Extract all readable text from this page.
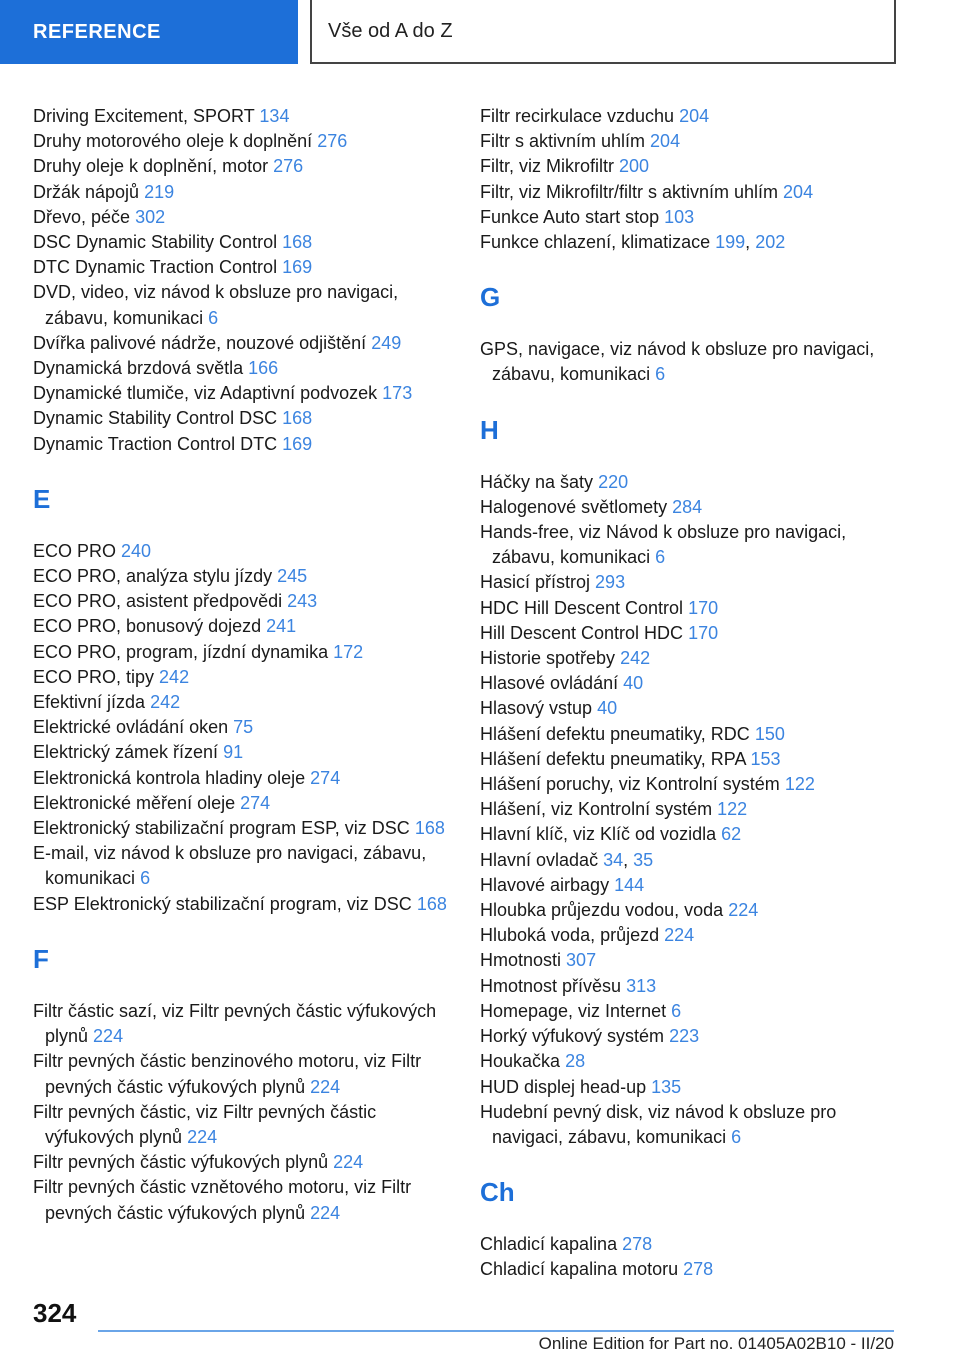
REFERENCE	Vše od A do Z
Driving Excitement, SPORT 134
Druhy motorového oleje k doplnění 276
Druhy oleje k doplnění, motor 276
Držák nápojů 219
Dřevo, péče 302
DSC Dynamic Stability Control 168
DTC Dynamic Traction Control 169
DVD, video, viz návod k obsluze pro navigaci, zábavu, komunikaci 6
Dvířka palivové nádrže, nouzové odjištění 249
Dynamická brzdová světla 166
Dynamické tlumiče, viz Adaptivní podvozek 173
Dynamic Stability Control DSC 168
Dynamic Traction Control DTC 169
E
ECO PRO 240
ECO PRO, analýza stylu jízdy 245
ECO PRO, asistent předpovědi 243
ECO PRO, bonusový dojezd 241
ECO PRO, program, jízdní dynamika 172
ECO PRO, tipy 242
Efektivní jízda 242
Elektrické ovládání oken 75
Elektrický zámek řízení 91
Elektronická kontrola hladiny oleje 274
Elektronické měření oleje 274
Elektronický stabilizační program ESP, viz DSC 168
E-mail, viz návod k obsluze pro navigaci, zábavu, komunikaci 6
ESP Elektronický stabilizační program, viz DSC 168
F
Filtr částic sazí, viz Filtr pevných částic výfukových plynů 224
Filtr pevných částic benzinového motoru, viz Filtr pevných částic výfukových plynů 224
Filtr pevných částic, viz Filtr pevných částic výfukových plynů 224
Filtr pevných částic výfukových plynů 224
Filtr pevných částic vznětového motoru, viz Filtr pevných částic výfukových plynů 224
Filtr recirkulace vzduchu 204
Filtr s aktivním uhlím 204
Filtr, viz Mikrofiltr 200
Filtr, viz Mikrofiltr/filtr s aktivním uhlím 204
Funkce Auto start stop 103
Funkce chlazení, klimatizace 199, 202
G
GPS, navigace, viz návod k obsluze pro navigaci, zábavu, komunikaci 6
H
Háčky na šaty 220
Halogenové světlomety 284
Hands-free, viz Návod k obsluze pro navigaci, zábavu, komunikaci 6
Hasicí přístroj 293
HDC Hill Descent Control 170
Hill Descent Control HDC 170
Historie spotřeby 242
Hlasové ovládání 40
Hlasový vstup 40
Hlášení defektu pneumatiky, RDC 150
Hlášení defektu pneumatiky, RPA 153
Hlášení poruchy, viz Kontrolní systém 122
Hlášení, viz Kontrolní systém 122
Hlavní klíč, viz Klíč od vozidla 62
Hlavní ovladač 34, 35
Hlavové airbagy 144
Hloubka průjezdu vodou, voda 224
Hluboká voda, průjezd 224
Hmotnosti 307
Hmotnost přívěsu 313
Homepage, viz Internet 6
Horký výfukový systém 223
Houkačka 28
HUD displej head-up 135
Hudební pevný disk, viz návod k obsluze pro navigaci, zábavu, komunikaci 6
Ch
Chladicí kapalina 278
Chladicí kapalina motoru 278
324
Online Edition for Part no. 01405A02B10 - II/20
